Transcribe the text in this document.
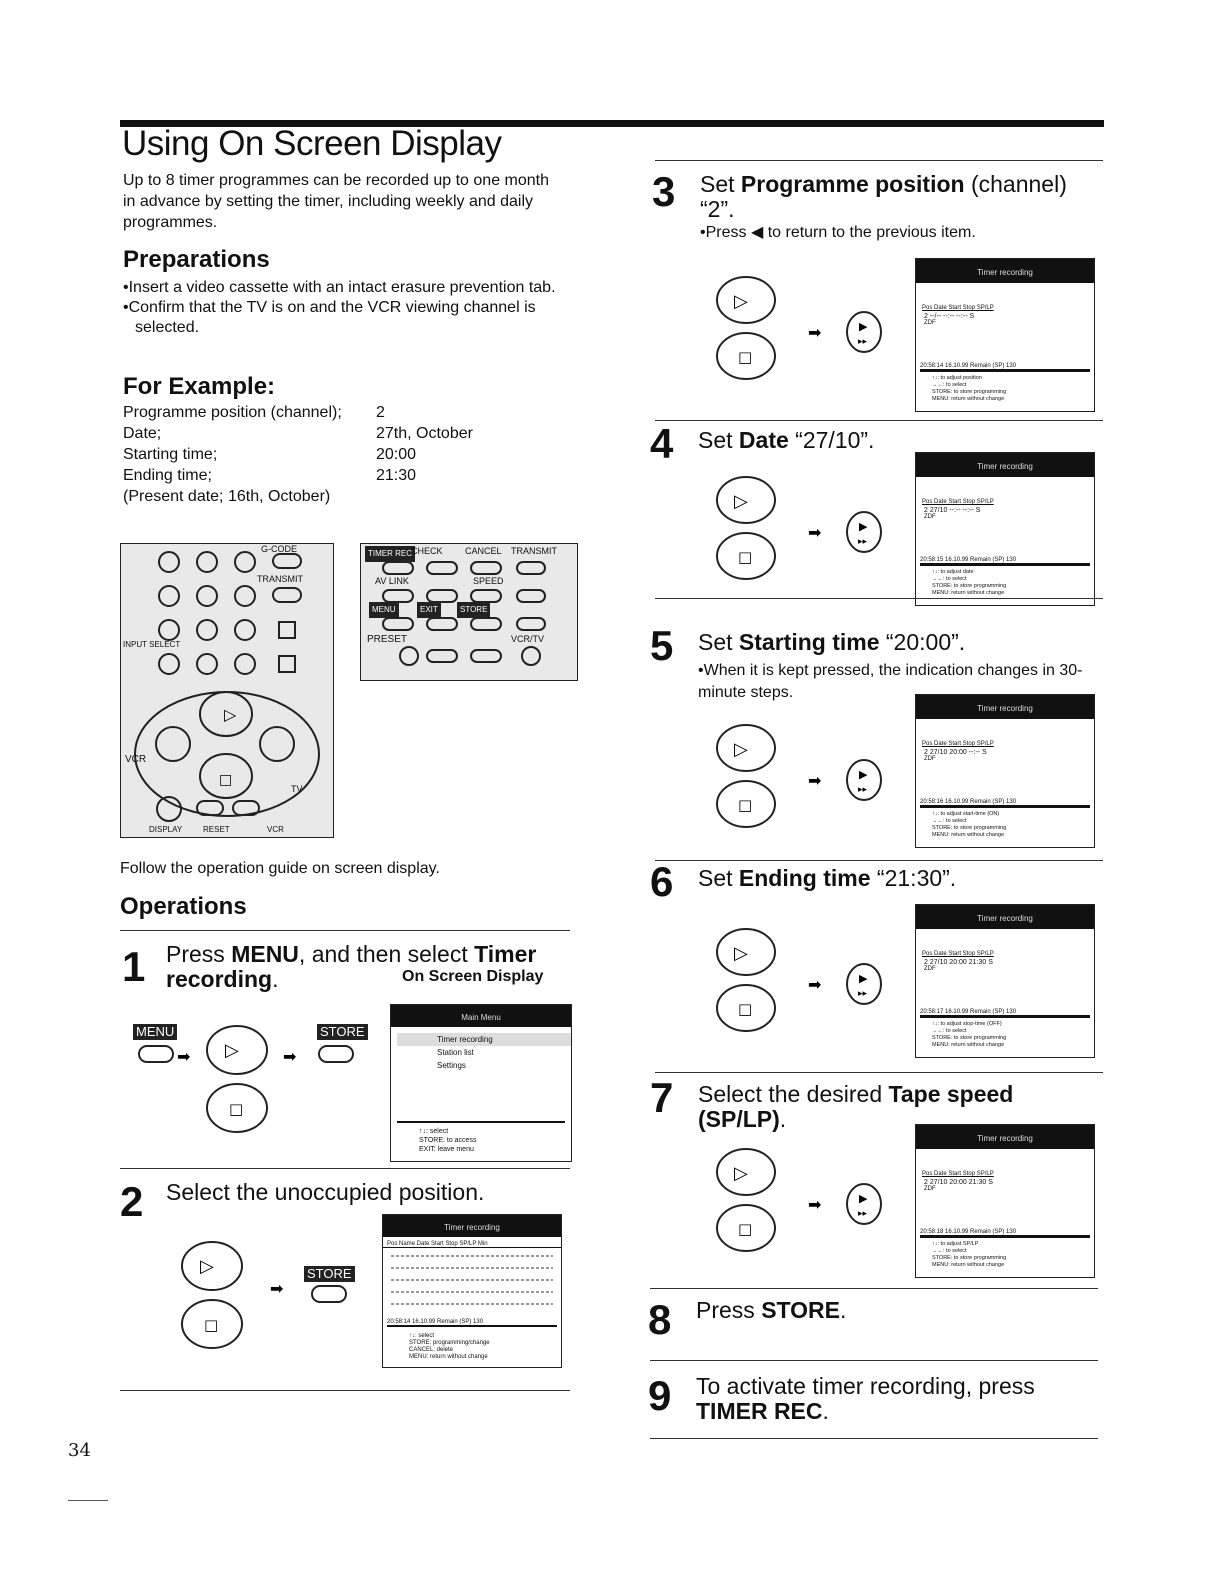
Using On Screen Display
Up to 8 timer programmes can be recorded up to one month in advance by setting the timer, including weekly and daily programmes.
Preparations

•Insert a video cassette with an intact erasure prevention tab.

•Confirm that the TV is on and the VCR viewing channel is selected.

For Example:
Programme position (channel); 2
Date;	27th, October
Starting time;	20:00
Ending time;	21:30
(Present date; 16th, October)
▷
□
G-CODE
TRANSMIT
INPUT SELECT
VCR
TV
DISPLAY	RESET	VCR
TIMER REC CHECK CANCEL TRANSMIT
AV LINK	SPEED
MENU	EXIT	STORE
PRESET	VCR/TV
Follow the operation guide on screen display.
Operations
1 Press MENU, and then select Timer recording.	On Screen Display
MENU	STORE
▷
□
➡	➡
Main Menu
Timer recording
Station list
Settings
↑↓: select
STORE: to access
EXIT: leave menu
2 Select the unoccupied position.
STORE
▷
□
➡
Timer recording
Pos Name Date Start Stop SP/LP Min
20:58:14 16.10.99 Remain (SP) 130
↑↓: select
STORE: programming/change
CANCEL: delete
MENU: return without change
3 Set Programme position (channel) “2”.
•Press ◀ to return to the previous item.
▷
□
➡	▶
▸▸
Timer recording
Pos Date Start Stop SP/LP
2 --/-- --:-- --:-- S
ZDF
20:58:14 16.10.99 Remain (SP) 130
↑↓: to adjust position
→←: to select
STORE: to store programming
MENU: return without change
4 Set Date “27/10”.
▷
□
➡	▶
▸▸
Timer recording
Pos Date Start Stop SP/LP
2 27/10 --:-- --:-- S
ZDF
20:58:15 16.10.99 Remain (SP) 130
↑↓: to adjust date
→←: to select
STORE: to store programming
MENU: return without change
5 Set Starting time “20:00”.
•When it is kept pressed, the indication changes in 30-minute steps.
▷
□
➡	▶
▸▸
Timer recording
Pos Date Start Stop SP/LP
2 27/10 20:00 --:-- S
ZDF
20:58:16 16.10.99 Remain (SP) 130
↑↓: to adjust start-time (ON)
→←: to select
STORE: to store programming
MENU: return without change
6 Set Ending time “21:30”.
▷
□
➡	▶
▸▸
Timer recording
Pos Date Start Stop SP/LP
2 27/10 20:00 21:30 S
ZDF
20:58:17 16.10.99 Remain (SP) 130
↑↓: to adjust stop-time (OFF)
→←: to select
STORE: to store programming
MENU: return without change
7 Select the desired Tape speed (SP/LP).
▷
□
➡	▶
▸▸
Timer recording
Pos Date Start Stop SP/LP
2 27/10 20:00 21:30 S
ZDF
20:58:18 16.10.99 Remain (SP) 130
↑↓: to adjust SP/LP
→←: to select
STORE: to store programming
MENU: return without change
8 Press STORE.
9 To activate timer recording, press TIMER REC.
34
